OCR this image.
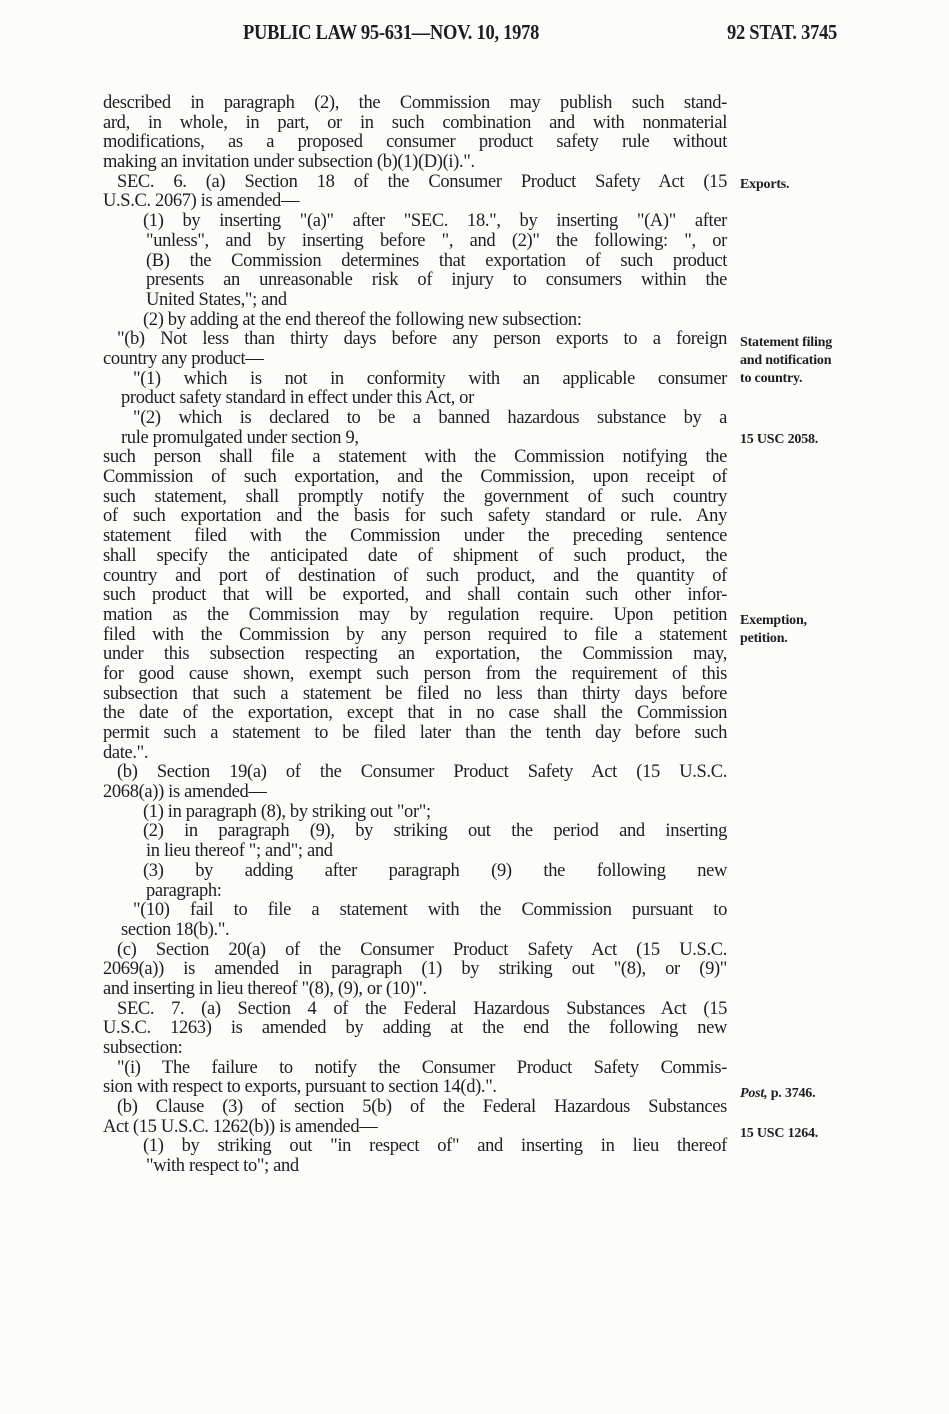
PUBLIC LAW 95-631—NOV. 10, 1978	92 STAT. 3745
described in paragraph (2), the Commission may publish such stand-
ard, in whole, in part, or in such combination and with nonmaterial
modifications, as a proposed consumer product safety rule without
making an invitation under subsection (b)(1)(D)(i).".
SEC. 6. (a) Section 18 of the Consumer Product Safety Act (15
U.S.C. 2067) is amended—
(1) by inserting "(a)" after "SEC. 18.", by inserting "(A)" after
"unless", and by inserting before ", and (2)" the following: ", or
(B) the Commission determines that exportation of such product
presents an unreasonable risk of injury to consumers within the
United States,"; and
(2) by adding at the end thereof the following new subsection:
"(b) Not less than thirty days before any person exports to a foreign
country any product—
"(1) which is not in conformity with an applicable consumer
product safety standard in effect under this Act, or
"(2) which is declared to be a banned hazardous substance by a
rule promulgated under section 9,
such person shall file a statement with the Commission notifying the
Commission of such exportation, and the Commission, upon receipt of
such statement, shall promptly notify the government of such country
of such exportation and the basis for such safety standard or rule. Any
statement filed with the Commission under the preceding sentence
shall specify the anticipated date of shipment of such product, the
country and port of destination of such product, and the quantity of
such product that will be exported, and shall contain such other infor-
mation as the Commission may by regulation require. Upon petition
filed with the Commission by any person required to file a statement
under this subsection respecting an exportation, the Commission may,
for good cause shown, exempt such person from the requirement of this
subsection that such a statement be filed no less than thirty days before
the date of the exportation, except that in no case shall the Commission
permit such a statement to be filed later than the tenth day before such
date.".
(b) Section 19(a) of the Consumer Product Safety Act (15 U.S.C.
2068(a)) is amended—
(1) in paragraph (8), by striking out "or";
(2) in paragraph (9), by striking out the period and inserting
in lieu thereof "; and"; and
(3) by adding after paragraph (9) the following new
paragraph:
"(10) fail to file a statement with the Commission pursuant to
section 18(b).".
(c) Section 20(a) of the Consumer Product Safety Act (15 U.S.C.
2069(a)) is amended in paragraph (1) by striking out "(8), or (9)"
and inserting in lieu thereof "(8), (9), or (10)".
SEC. 7. (a) Section 4 of the Federal Hazardous Substances Act (15
U.S.C. 1263) is amended by adding at the end the following new
subsection:
"(i) The failure to notify the Consumer Product Safety Commis-
sion with respect to exports, pursuant to section 14(d).".
(b) Clause (3) of section 5(b) of the Federal Hazardous Substances
Act (15 U.S.C. 1262(b)) is amended—
(1) by striking out "in respect of" and inserting in lieu thereof
"with respect to"; and
Exports.
Statement filing
and notification
to country.
15 USC 2058.
Exemption,
petition.
Post, p. 3746.
15 USC 1264.
